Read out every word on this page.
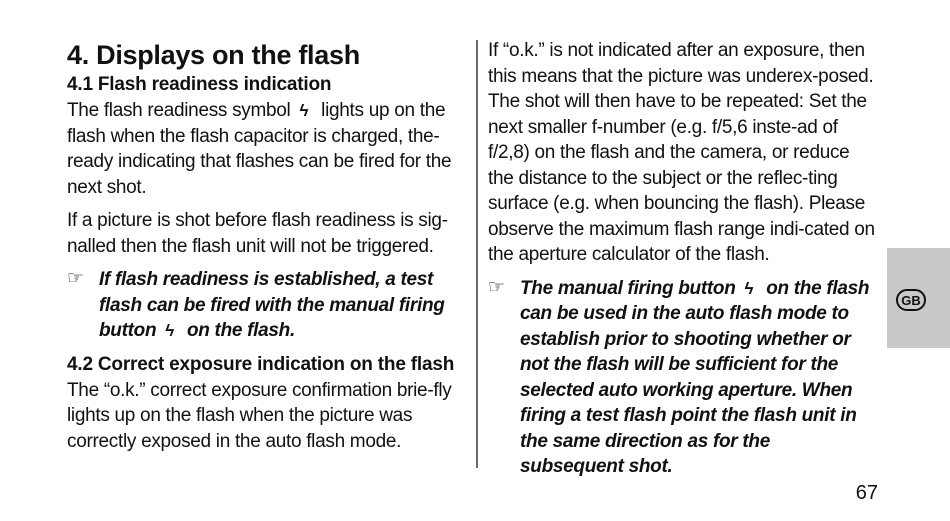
4. Displays on the flash
4.1 Flash readiness indication

The flash readiness symbol ϟ lights up on the flash when the flash capacitor is charged, the-ready indicating that flashes can be fired for the next shot.

If a picture is shot before flash readiness is sig-nalled then the flash unit will not be triggered.

☞ If flash readiness is established, a test flash can be fired with the manual firing button ϟ on the flash.

4.2 Correct exposure indication on the flash

The “o.k.” correct exposure confirmation brie-fly lights up on the flash when the picture was correctly exposed in the auto flash mode.

If “o.k.” is not indicated after an exposure, then this means that the picture was underex-posed. The shot will then have to be repeated: Set the next smaller f-number (e.g. f/5,6 inste-ad of f/2,8) on the flash and the camera, or reduce the distance to the subject or the reflec-ting surface (e.g. when bouncing the flash). Please observe the maximum flash range indi-cated on the aperture calculator of the flash.

☞ The manual firing button ϟ on the flash can be used in the auto flash mode to establish prior to shooting whether or not the flash will be sufficient for the selected auto working aperture. When firing a test flash point the flash unit in the same direction as for the subsequent shot.

GB
67
